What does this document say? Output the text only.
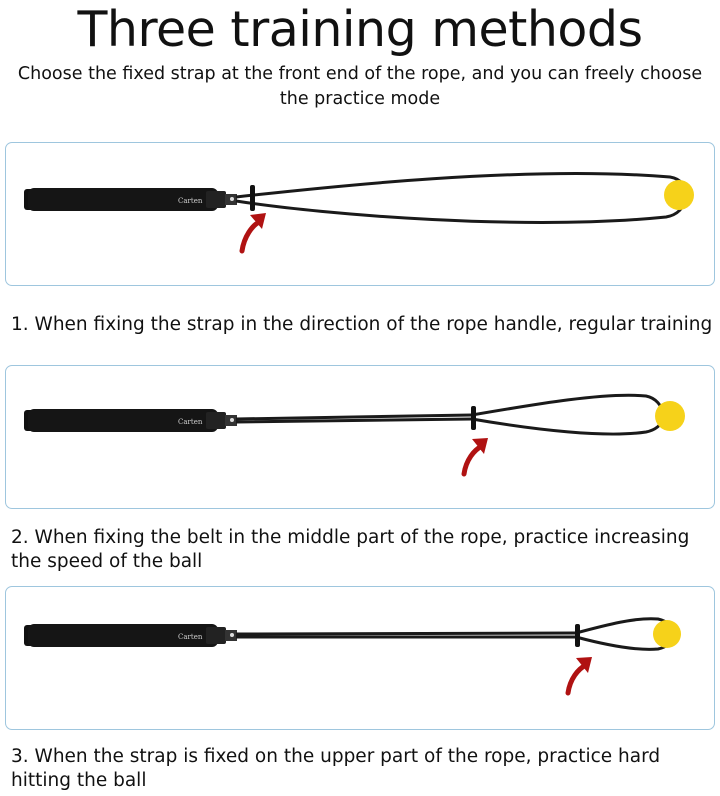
Three training methods
Choose the fixed strap at the front end of the rope, and you can freely choose the practice mode
Carten
1. When fixing the strap in the direction of the rope handle, regular training
Carten
2. When fixing the belt in the middle part of the rope, practice increasing the speed of the ball
Carten
3. When the strap is fixed on the upper part of the rope, practice hard hitting the ball
